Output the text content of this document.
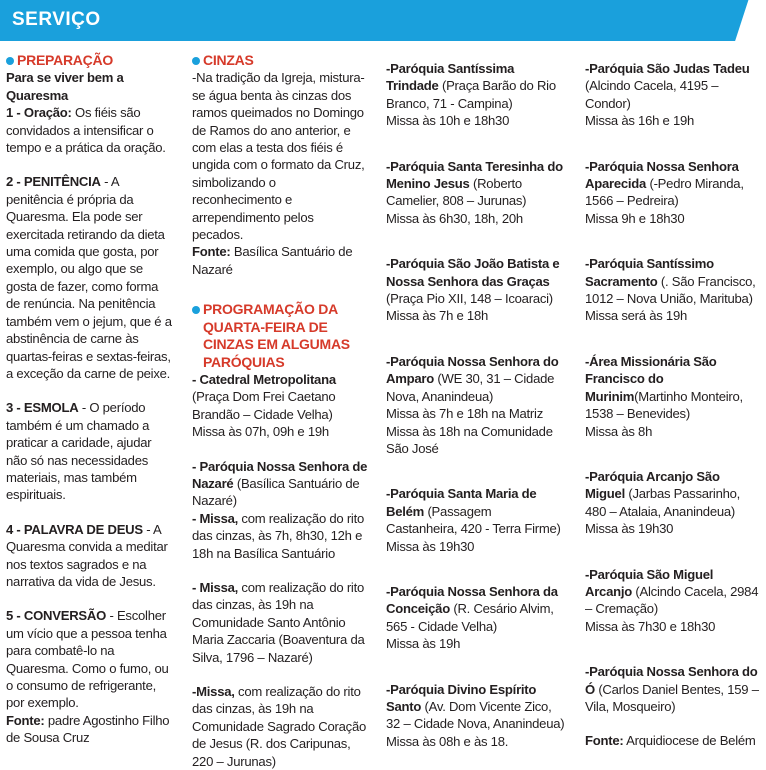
SERVIÇO
PREPARAÇÃO

Para se viver bem a Quaresma

1 - Oração: Os fiéis são convidados a intensificar o tempo e a prática da oração.

2 - PENITÊNCIA - A penitência é própria da Quaresma. Ela pode ser exercitada retirando da dieta uma comida que gosta, por exemplo, ou algo que se gosta de fazer, como forma de renúncia. Na penitência também vem o jejum, que é a abstinência de carne às quartas-feiras e sextas-feiras, a exceção da carne de peixe.

3 - ESMOLA - O período também é um chamado a praticar a caridade, ajudar não só nas necessidades materiais, mas também espirituais.

4 - PALAVRA DE DEUS - A Quaresma convida a meditar nos textos sagrados e na narrativa da vida de Jesus.

5 - CONVERSÃO - Escolher um vício que a pessoa tenha para combatê-lo na Quaresma. Como o fumo, ou o consumo de refrigerante, por exemplo.

Fonte: padre Agostinho Filho de Sousa Cruz

CINZAS

-Na tradição da Igreja, mistura-se água benta às cinzas dos ramos queimados no Domingo de Ramos do ano anterior, e com elas a testa dos fiéis é ungida com o formato da Cruz, simbolizando o reconhecimento e arrependimento pelos pecados.

Fonte: Basílica Santuário de Nazaré

PROGRAMAÇÃO DA QUARTA-FEIRA DE CINZAS EM ALGUMAS PARÓQUIAS

- Catedral Metropolitana

(Praça Dom Frei Caetano Brandão – Cidade Velha) Missa às 07h, 09h e 19h

- Paróquia Nossa Senhora de Nazaré (Basílica Santuário de Nazaré)

- Missa, com realização do rito das cinzas, às 7h, 8h30, 12h e 18h na Basílica Santuário

- Missa, com realização do rito das cinzas, às 19h na Comunidade Santo Antônio Maria Zaccaria (Boaventura da Silva, 1796 – Nazaré)

-Missa, com realização do rito das cinzas, às 19h na Comunidade Sagrado Coração de Jesus (R. dos Caripunas, 220 – Jurunas)

-Paróquia Santíssima Trindade (Praça Barão do Rio Branco, 71 - Campina)

Missa às 10h e 18h30

-Paróquia Santa Teresinha do Menino Jesus (Roberto Camelier, 808 – Jurunas)

Missa às 6h30, 18h, 20h

-Paróquia São João Batista e Nossa Senhora das Graças (Praça Pio XII, 148 – Icoaraci)

Missa às 7h e 18h

-Paróquia Nossa Senhora do Amparo (WE 30, 31 – Cidade Nova, Ananindeua)

Missa às 7h e 18h na Matriz Missa às 18h na Comunidade São José

-Paróquia Santa Maria de Belém (Passagem Castanheira, 420 - Terra Firme)

Missa às 19h30

-Paróquia Nossa Senhora da Conceição (R. Cesário Alvim, 565 - Cidade Velha)

Missa às 19h

-Paróquia Divino Espírito Santo (Av. Dom Vicente Zico, 32 – Cidade Nova, Ananindeua)

Missa às 08h e às 18.

-Paróquia São Judas Tadeu (Alcindo Cacela, 4195 – Condor)

Missa às 16h e 19h

-Paróquia Nossa Senhora Aparecida (-Pedro Miranda, 1566 – Pedreira)

Missa 9h e 18h30

-Paróquia Santíssimo Sacramento (. São Francisco, 1012 – Nova União, Marituba)

Missa será às 19h

-Área Missionária São Francisco do Murinim(Martinho Monteiro, 1538 – Benevides)

Missa às 8h

-Paróquia Arcanjo São Miguel (Jarbas Passarinho, 480 – Atalaia, Ananindeua)

Missa às 19h30

-Paróquia São Miguel Arcanjo (Alcindo Cacela, 2984 – Cremação)

Missa às 7h30 e 18h30

-Paróquia Nossa Senhora do Ó (Carlos Daniel Bentes, 159 – Vila, Mosqueiro)

Fonte: Arquidiocese de Belém
